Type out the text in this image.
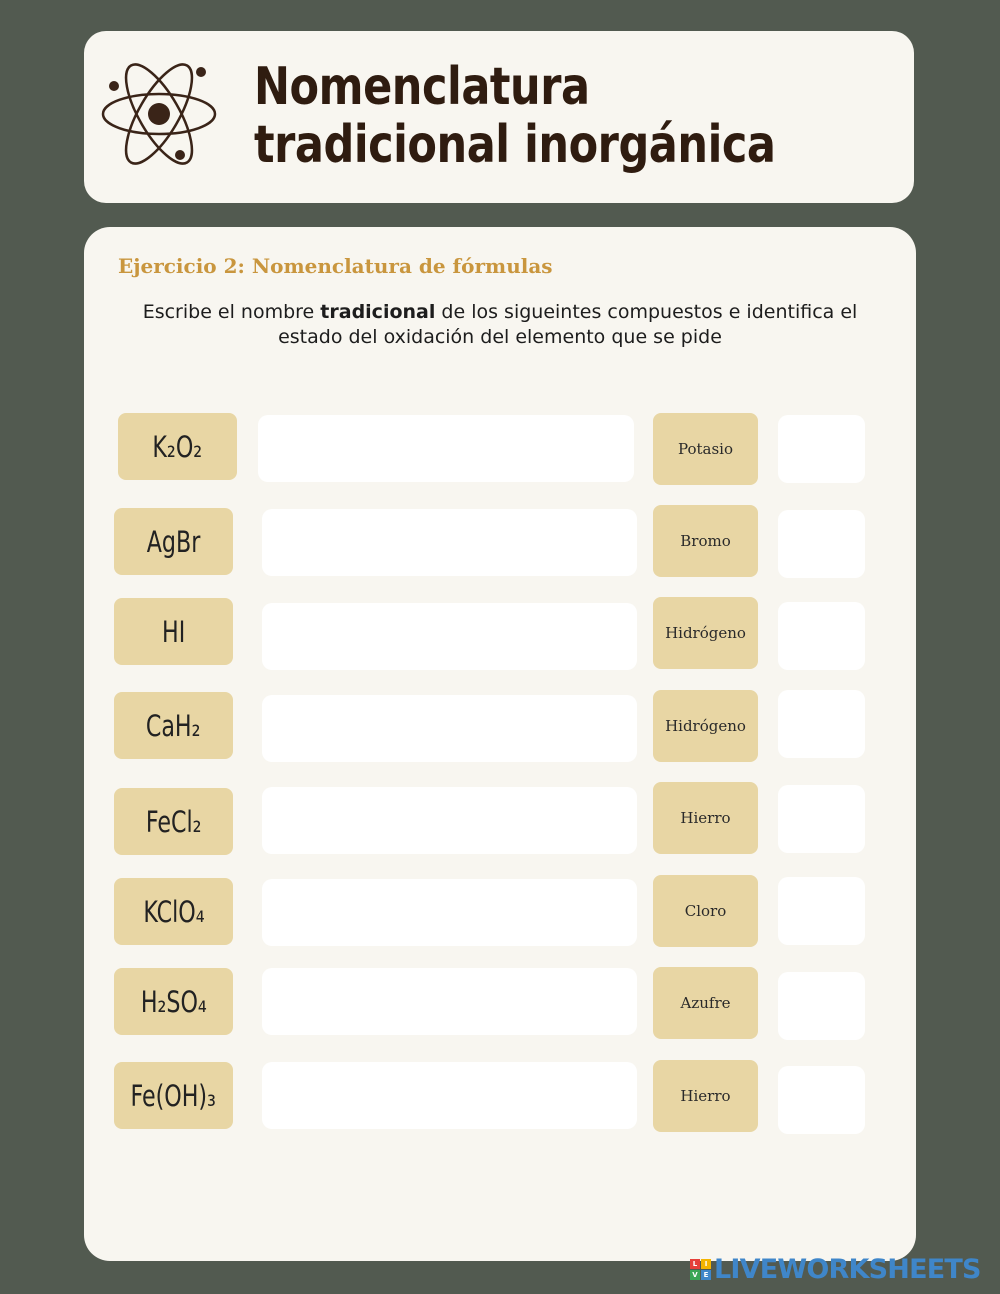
Nomenclatura tradicional inorgánica
Ejercicio 2: Nomenclatura de fórmulas
Escribe el nombre tradicional de los sigueintes compuestos e identifica el estado del oxidación del elemento que se pide
K₂O₂	Potasio
AgBr	Bromo
HI	Hidrógeno
CaH₂	Hidrógeno
FeCl₂	Hierro
KClO₄	Cloro
H₂SO₄	Azufre
Fe(OH)₃	Hierro
L	I
V E LIVEWORKSHEETS
